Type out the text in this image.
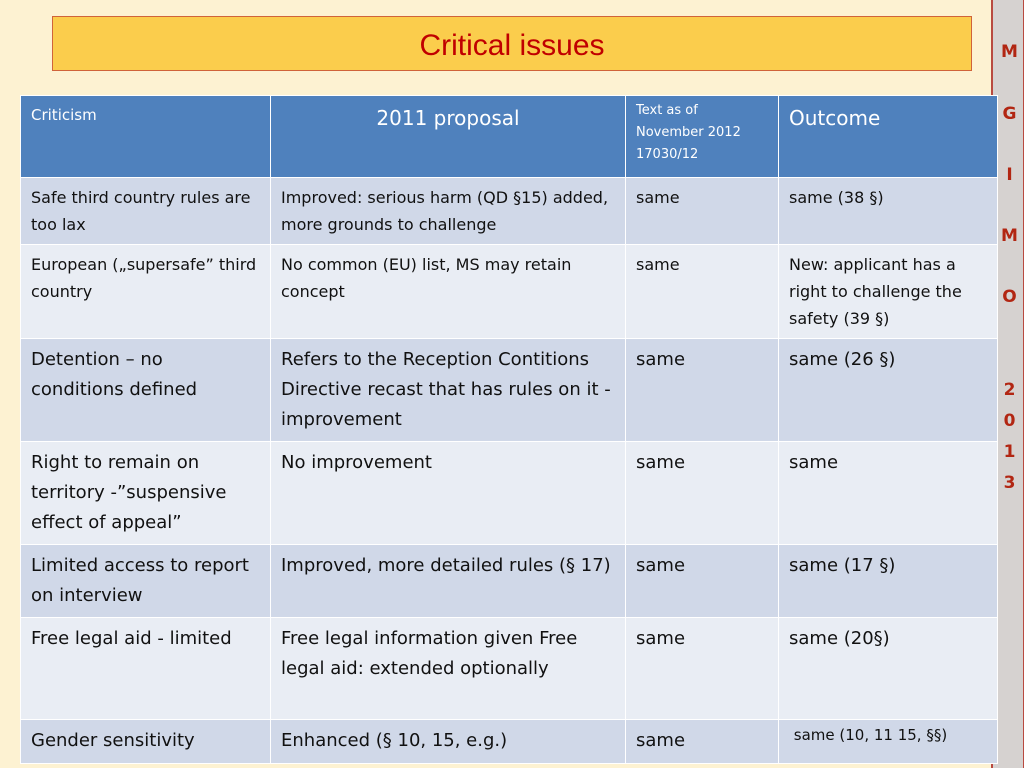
Critical issues	M
G
I
M
O
2
0
1
3
Criticism	2011 proposal	Text as of November 2012 17030/12	Outcome
Safe third country rules are too lax	Improved: serious harm (QD §15) added, more grounds to challenge	same	same (38 §)
European („supersafe” third country	No common (EU) list, MS may retain concept	same	New: applicant has a right to challenge the safety (39 §)
Detention – no conditions defined	Refers to the Reception Contitions Directive recast that has rules on it - improvement	same	same (26 §)
Right to remain on territory -”suspensive effect of appeal”	No improvement	same	same
Limited access to report on interview	Improved, more detailed rules (§ 17)	same	same (17 §)
Free legal aid - limited	Free legal information given Free legal aid: extended optionally	same	same (20§)
Gender sensitivity	Enhanced (§ 10, 15, e.g.)	same	same (10, 11 15, §§)
